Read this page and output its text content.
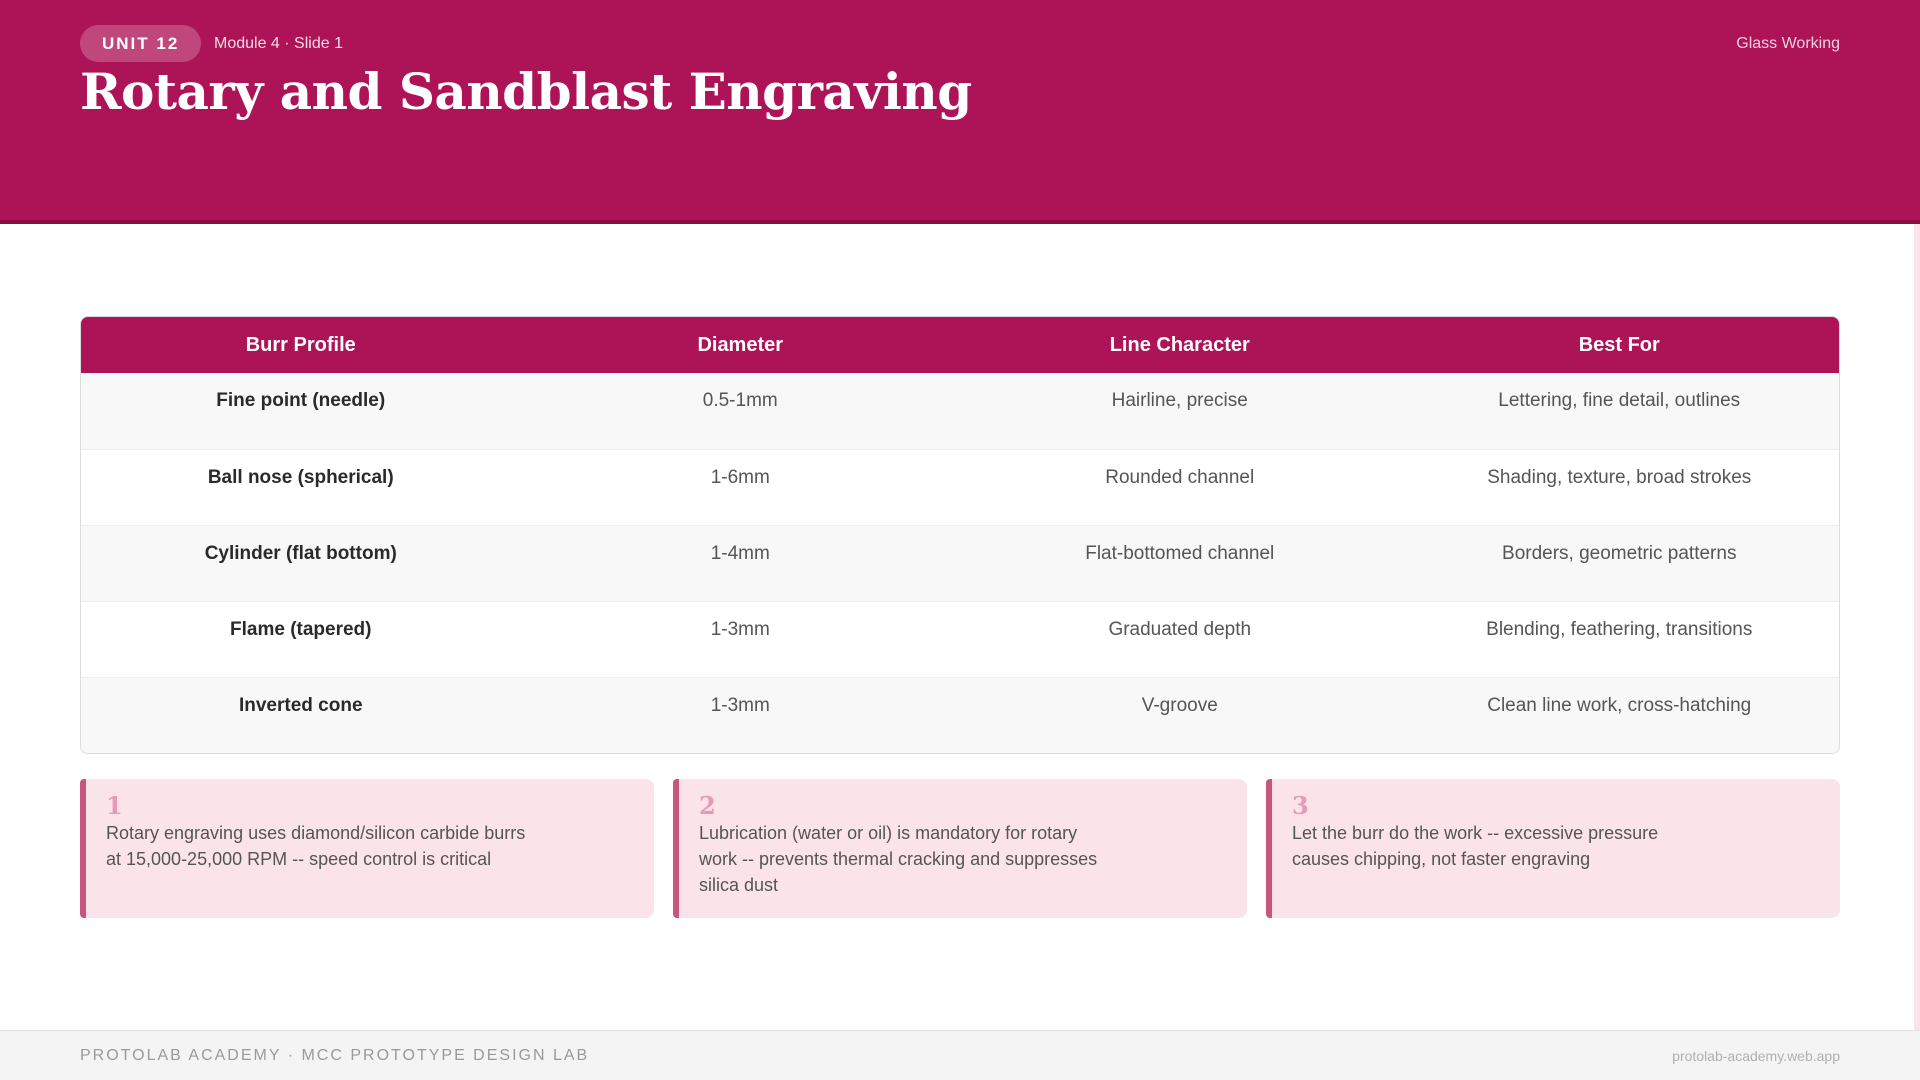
UNIT 12	Module 4 · Slide 1	Glass Working
Rotary and Sandblast Engraving
Burr Profile	Diameter	Line Character	Best For
Fine point (needle)	0.5-1mm	Hairline, precise	Lettering, fine detail, outlines
Ball nose (spherical)	1-6mm	Rounded channel	Shading, texture, broad strokes
Cylinder (flat bottom)	1-4mm	Flat-bottomed channel	Borders, geometric patterns
Flame (tapered)	1-3mm	Graduated depth	Blending, feathering, transitions
Inverted cone	1-3mm	V-groove	Clean line work, cross-hatching
1
Rotary engraving uses diamond/silicon carbide burrs at 15,000-25,000 RPM -- speed control is critical
2
Lubrication (water or oil) is mandatory for rotary work -- prevents thermal cracking and suppresses silica dust
3
Let the burr do the work -- excessive pressure causes chipping, not faster engraving
PROTOLAB ACADEMY · MCC PROTOTYPE DESIGN LAB	protolab-academy.web.app
